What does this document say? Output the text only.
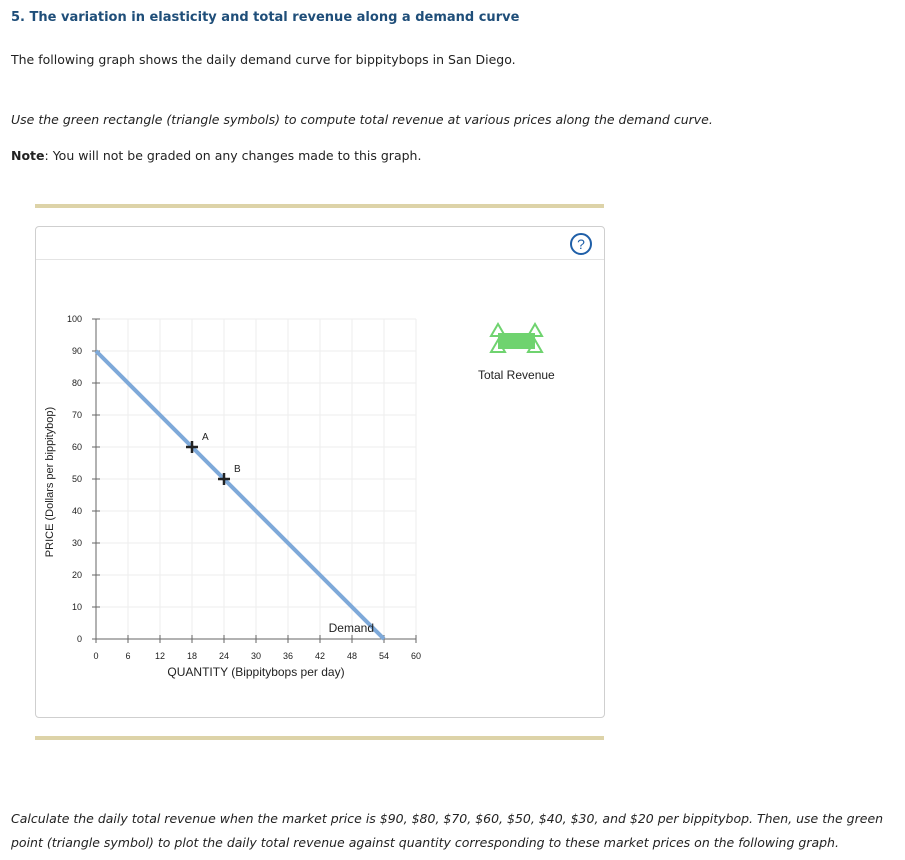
5. The variation in elasticity and total revenue along a demand curve
The following graph shows the daily demand curve for bippitybops in San Diego.
Use the green rectangle (triangle symbols) to compute total revenue at various prices along the demand curve.
Note: You will not be graded on any changes made to this graph.
?
0	6	12 18 24 30 36 42 48 54 60
0
10
20
30
40
50
60
70
80
90
100
Demand
A
B
QUANTITY (Bippitybops per day)
PRICE (Dollars per bippitybop)
Total Revenue
Calculate the daily total revenue when the market price is $90, $80, $70, $60, $50, $40, $30, and $20 per bippitybop. Then, use the green point (triangle symbol) to plot the daily total revenue against quantity corresponding to these market prices on the following graph.
